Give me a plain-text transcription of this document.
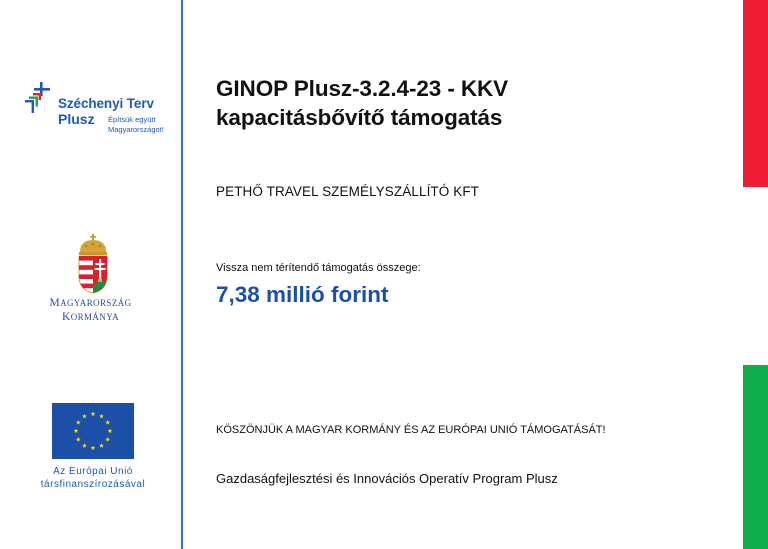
Széchenyi Terv
Plusz Építsük együtt
Magyarországot!
MAGYARORSZÁG
KORMÁNYA
Az Európai Unió
társfinanszírozásával
GINOP Plusz-3.2.4-23 - KKV
kapacitásbővítő támogatás
PETHŐ TRAVEL SZEMÉLYSZÁLLÍTÓ KFT
Vissza nem térítendő támogatás összege:
7,38 millió forint
KÖSZÖNJÜK A MAGYAR KORMÁNY ÉS AZ EURÓPAI UNIÓ TÁMOGATÁSÁT!
Gazdaságfejlesztési és Innovációs Operatív Program Plusz
